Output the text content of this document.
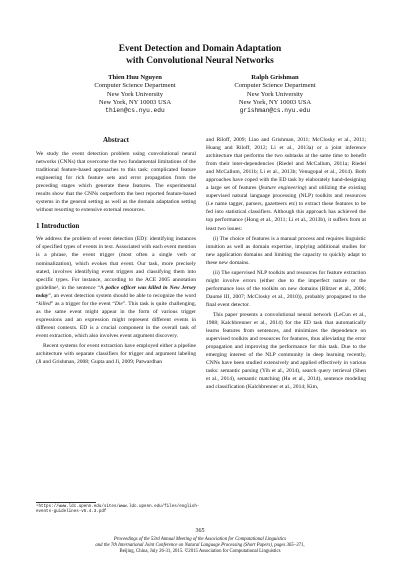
Event Detection and Domain Adaptation
with Convolutional Neural Networks
Thien Huu Nguyen
Computer Science Department
New York University
New York, NY 10003 USA
thien@cs.nyu.edu
Ralph Grishman
Computer Science Department
New York University
New York, NY 10003 USA
grishman@cs.nyu.edu
Abstract

We study the event detection problem using convolutional neural networks (CNNs) that overcome the two fundamental limitations of the traditional feature-based approaches to this task: complicated feature engineering for rich feature sets and error propagation from the preceding stages which generate these features. The experimental results show that the CNNs outperform the best reported feature-based systems in the general setting as well as the domain adaptation setting without resorting to extensive external resources.

1 Introduction

We address the problem of event detection (ED): identifying instances of specified types of events in text. Associated with each event mention is a phrase, the event trigger (most often a single verb or nominalization), which evokes that event. Our task, more precisely stated, involves identifying event triggers and classifying them into specific types. For instance, according to the ACE 2005 annotation guideline¹, in the sentence “A police officer was killed in New Jersey today”, an event detection system should be able to recognize the word “killed” as a trigger for the event “Die”. This task is quite challenging, as the same event might appear in the form of various trigger expressions and an expression might represent different events in different contexts. ED is a crucial component in the overall task of event extraction, which also involves event argument discovery.

Recent systems for event extraction have employed either a pipeline architecture with separate classifiers for trigger and argument labeling (Ji and Grishman, 2008; Gupta and Ji, 2009; Patwardhan

¹https://www.ldc.upenn.edu/sites/www.ldc.upenn.edu/files/english-events-guidelines-v5.4.3.pdf

and Riloff, 2009; Liao and Grishman, 2011; McClosky et al., 2011; Huang and Riloff, 2012; Li et al., 2013a) or a joint inference architecture that performs the two subtasks at the same time to benefit from their inter-dependencies (Riedel and McCallum, 2011a; Riedel and McCallum, 2011b; Li et al., 2013b; Venugopal et al., 2014). Both approaches have coped with the ED task by elaborately hand-designing a large set of features (feature engineering) and utilizing the existing supervised natural language processing (NLP) toolkits and resources (i.e name tagger, parsers, gazetteers etc) to extract these features to be fed into statistical classifiers. Although this approach has achieved the top performance (Hong et al., 2011; Li et al., 2013b), it suffers from at least two issues:

(i) The choice of features is a manual process and requires linguistic intuition as well as domain expertise, implying additional studies for new application domains and limiting the capacity to quickly adapt to these new domains.

(ii) The supervised NLP toolkits and resources for feature extraction might involve errors (either due to the imperfect nature or the performance loss of the toolkits on new domains (Blitzer et al., 2006; Daumé III, 2007; McClosky et al., 2010)), probably propagated to the final event detector.

This paper presents a convolutional neural network (LeCun et al., 1988; Kalchbrenner et al., 2014) for the ED task that automatically learns features from sentences, and minimizes the dependence on supervised toolkits and resources for features, thus alleviating the error propagation and improving the performance for this task. Due to the emerging interest of the NLP community in deep learning recently, CNNs have been studied extensively and applied effectively in various tasks: semantic parsing (Yih et al., 2014), search query retrieval (Shen et al., 2014), semantic matching (Hu et al., 2014), sentence modeling and classification (Kalchbrenner et al., 2014; Kim,

365
Proceedings of the 53rd Annual Meeting of the Association for Computational Linguistics
and the 7th International Joint Conference on Natural Language Processing (Short Papers), pages 365–371,
Beijing, China, July 26-31, 2015. ©2015 Association for Computational Linguistics
